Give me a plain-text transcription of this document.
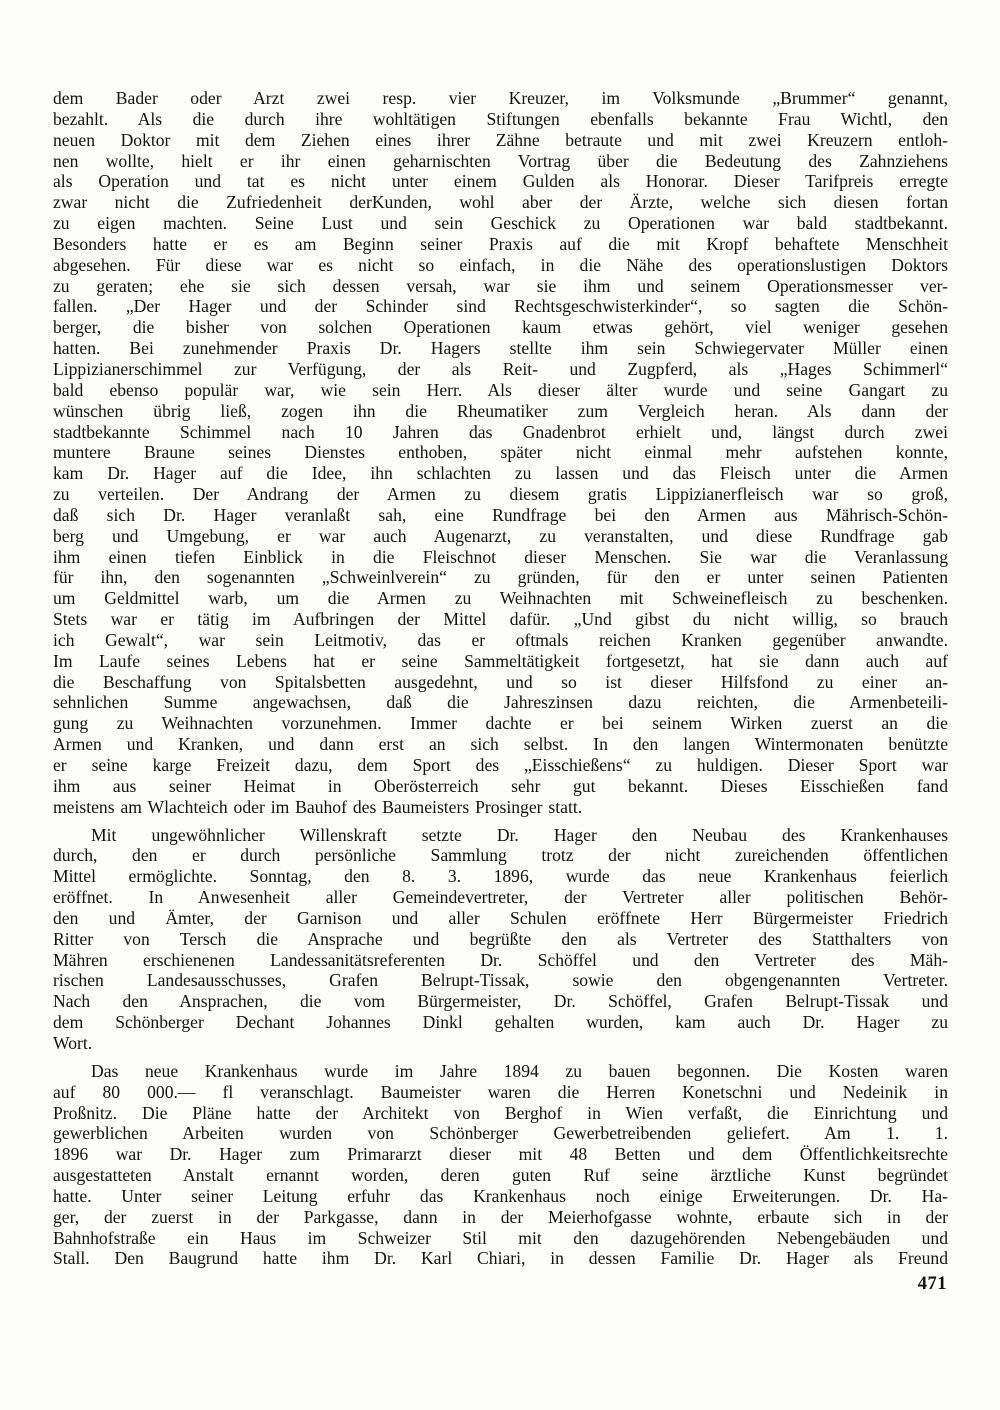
dem Bader oder Arzt zwei resp. vier Kreuzer, im Volksmunde „Brummer“ genannt,
bezahlt. Als die durch ihre wohltätigen Stiftungen ebenfalls bekannte Frau Wichtl, den
neuen Doktor mit dem Ziehen eines ihrer Zähne betraute und mit zwei Kreuzern entloh-
nen wollte, hielt er ihr einen geharnischten Vortrag über die Bedeutung des Zahnziehens
als Operation und tat es nicht unter einem Gulden als Honorar. Dieser Tarifpreis erregte
zwar nicht die Zufriedenheit derKunden, wohl aber der Ärzte, welche sich diesen fortan
zu eigen machten. Seine Lust und sein Geschick zu Operationen war bald stadtbekannt.
Besonders hatte er es am Beginn seiner Praxis auf die mit Kropf behaftete Menschheit
abgesehen. Für diese war es nicht so einfach, in die Nähe des operationslustigen Doktors
zu geraten; ehe sie sich dessen versah, war sie ihm und seinem Operationsmesser ver-
fallen. „Der Hager und der Schinder sind Rechtsgeschwisterkinder“, so sagten die Schön-
berger, die bisher von solchen Operationen kaum etwas gehört, viel weniger gesehen
hatten. Bei zunehmender Praxis Dr. Hagers stellte ihm sein Schwiegervater Müller einen
Lippizianerschimmel zur Verfügung, der als Reit- und Zugpferd, als „Hages Schimmerl“
bald ebenso populär war, wie sein Herr. Als dieser älter wurde und seine Gangart zu
wünschen übrig ließ, zogen ihn die Rheumatiker zum Vergleich heran. Als dann der
stadtbekannte Schimmel nach 10 Jahren das Gnadenbrot erhielt und, längst durch zwei
muntere Braune seines Dienstes enthoben, später nicht einmal mehr aufstehen konnte,
kam Dr. Hager auf die Idee, ihn schlachten zu lassen und das Fleisch unter die Armen
zu verteilen. Der Andrang der Armen zu diesem gratis Lippizianerfleisch war so groß,
daß sich Dr. Hager veranlaßt sah, eine Rundfrage bei den Armen aus Mährisch-Schön-
berg und Umgebung, er war auch Augenarzt, zu veranstalten, und diese Rundfrage gab
ihm einen tiefen Einblick in die Fleischnot dieser Menschen. Sie war die Veranlassung
für ihn, den sogenannten „Schweinlverein“ zu gründen, für den er unter seinen Patienten
um Geldmittel warb, um die Armen zu Weihnachten mit Schweinefleisch zu beschenken.
Stets war er tätig im Aufbringen der Mittel dafür. „Und gibst du nicht willig, so brauch
ich Gewalt“, war sein Leitmotiv, das er oftmals reichen Kranken gegenüber anwandte.
Im Laufe seines Lebens hat er seine Sammeltätigkeit fortgesetzt, hat sie dann auch auf
die Beschaffung von Spitalsbetten ausgedehnt, und so ist dieser Hilfsfond zu einer an-
sehnlichen Summe angewachsen, daß die Jahreszinsen dazu reichten, die Armenbeteili-
gung zu Weihnachten vorzunehmen. Immer dachte er bei seinem Wirken zuerst an die
Armen und Kranken, und dann erst an sich selbst. In den langen Wintermonaten benützte
er seine karge Freizeit dazu, dem Sport des „Eisschießens“ zu huldigen. Dieser Sport war
ihm aus seiner Heimat in Oberösterreich sehr gut bekannt. Dieses Eisschießen fand
meistens am Wlachteich oder im Bauhof des Baumeisters Prosinger statt.
Mit ungewöhnlicher Willenskraft setzte Dr. Hager den Neubau des Krankenhauses
durch, den er durch persönliche Sammlung trotz der nicht zureichenden öffentlichen
Mittel ermöglichte. Sonntag, den 8. 3. 1896, wurde das neue Krankenhaus feierlich
eröffnet. In Anwesenheit aller Gemeindevertreter, der Vertreter aller politischen Behör-
den und Ämter, der Garnison und aller Schulen eröffnete Herr Bürgermeister Friedrich
Ritter von Tersch die Ansprache und begrüßte den als Vertreter des Statthalters von
Mähren erschienenen Landessanitätsreferenten Dr. Schöffel und den Vertreter des Mäh-
rischen Landesausschusses, Grafen Belrupt-Tissak, sowie den obgengenannten Vertreter.
Nach den Ansprachen, die vom Bürgermeister, Dr. Schöffel, Grafen Belrupt-Tissak und
dem Schönberger Dechant Johannes Dinkl gehalten wurden, kam auch Dr. Hager zu
Wort.
Das neue Krankenhaus wurde im Jahre 1894 zu bauen begonnen. Die Kosten waren
auf 80 000.— fl veranschlagt. Baumeister waren die Herren Konetschni und Nedeinik in
Proßnitz. Die Pläne hatte der Architekt von Berghof in Wien verfaßt, die Einrichtung und
gewerblichen Arbeiten wurden von Schönberger Gewerbetreibenden geliefert. Am 1. 1.
1896 war Dr. Hager zum Primararzt dieser mit 48 Betten und dem Öffentlichkeitsrechte
ausgestatteten Anstalt ernannt worden, deren guten Ruf seine ärztliche Kunst begründet
hatte. Unter seiner Leitung erfuhr das Krankenhaus noch einige Erweiterungen. Dr. Ha-
ger, der zuerst in der Parkgasse, dann in der Meierhofgasse wohnte, erbaute sich in der
Bahnhofstraße ein Haus im Schweizer Stil mit den dazugehörenden Nebengebäuden und
Stall. Den Baugrund hatte ihm Dr. Karl Chiari, in dessen Familie Dr. Hager als Freund
471
